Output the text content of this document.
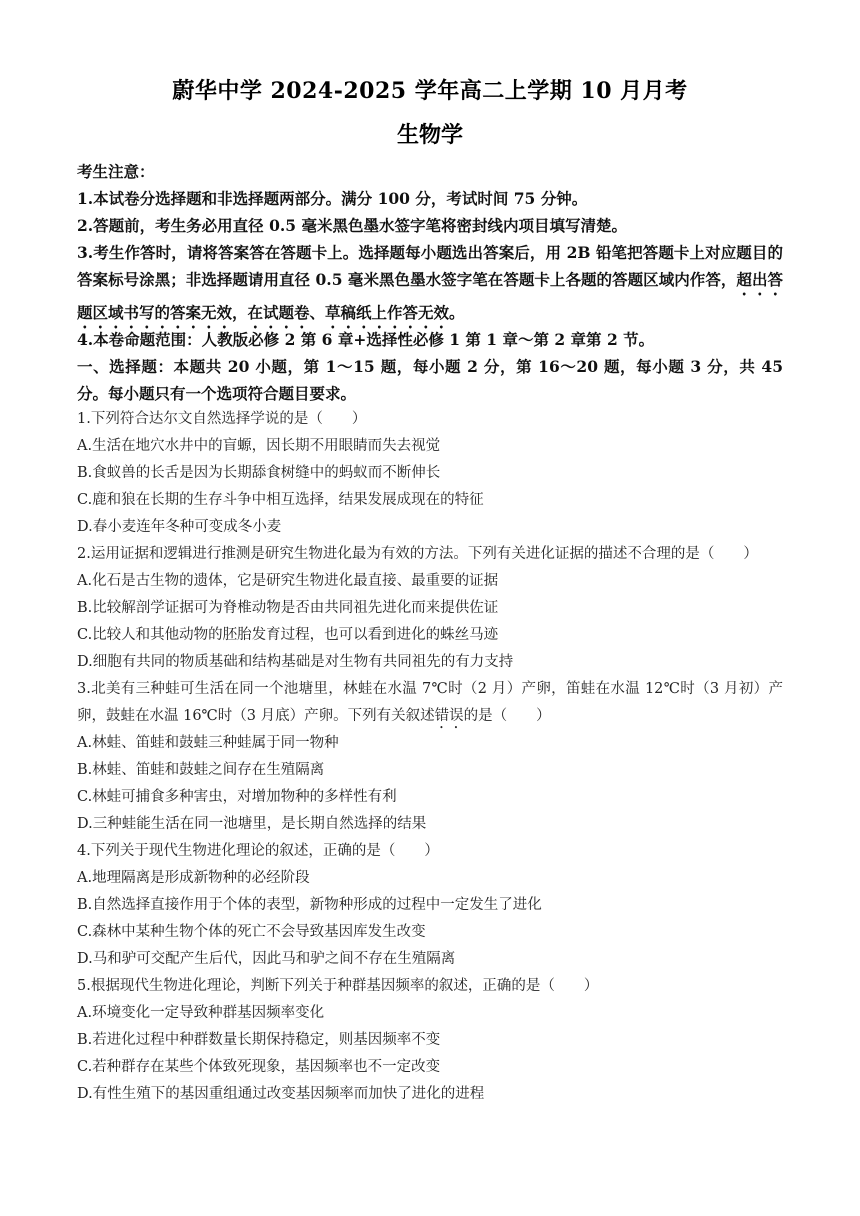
蔚华中学 2024-2025 学年高二上学期 10 月月考
生物学
考生注意：
1.本试卷分选择题和非选择题两部分。满分 100 分，考试时间 75 分钟。
2.答题前，考生务必用直径 0.5 毫米黑色墨水签字笔将密封线内项目填写清楚。
3.考生作答时，请将答案答在答题卡上。选择题每小题选出答案后，用 2B 铅笔把答题卡上对应题目的答案标号涂黑；非选择题请用直径 0.5 毫米黑色墨水签字笔在答题卡上各题的答题区域内作答，超出答题区域书写的答案无效，在试题卷、草稿纸上作答无效。
4.本卷命题范围：人教版必修 2 第 6 章+选择性必修 1 第 1 章～第 2 章第 2 节。
一、选择题：本题共 20 小题，第 1～15 题，每小题 2 分，第 16～20 题，每小题 3 分，共 45 分。每小题只有一个选项符合题目要求。
1.下列符合达尔文自然选择学说的是（　　）
A.生活在地穴水井中的盲螈，因长期不用眼睛而失去视觉
B.食蚁兽的长舌是因为长期舔食树缝中的蚂蚁而不断伸长
C.鹿和狼在长期的生存斗争中相互选择，结果发展成现在的特征
D.春小麦连年冬种可变成冬小麦
2.运用证据和逻辑进行推测是研究生物进化最为有效的方法。下列有关进化证据的描述不合理的是（　　）
A.化石是古生物的遗体，它是研究生物进化最直接、最重要的证据
B.比较解剖学证据可为脊椎动物是否由共同祖先进化而来提供佐证
C.比较人和其他动物的胚胎发育过程，也可以看到进化的蛛丝马迹
D.细胞有共同的物质基础和结构基础是对生物有共同祖先的有力支持
3.北美有三种蛙可生活在同一个池塘里，林蛙在水温 7℃时（2 月）产卵，笛蛙在水温 12℃时（3 月初）产卵，鼓蛙在水温 16℃时（3 月底）产卵。下列有关叙述错误的是（　　）
A.林蛙、笛蛙和鼓蛙三种蛙属于同一物种
B.林蛙、笛蛙和鼓蛙之间存在生殖隔离
C.林蛙可捕食多种害虫，对增加物种的多样性有利
D.三种蛙能生活在同一池塘里，是长期自然选择的结果
4.下列关于现代生物进化理论的叙述，正确的是（　　）
A.地理隔离是形成新物种的必经阶段
B.自然选择直接作用于个体的表型，新物种形成的过程中一定发生了进化
C.森林中某种生物个体的死亡不会导致基因库发生改变
D.马和驴可交配产生后代，因此马和驴之间不存在生殖隔离
5.根据现代生物进化理论，判断下列关于种群基因频率的叙述，正确的是（　　）
A.环境变化一定导致种群基因频率变化
B.若进化过程中种群数量长期保持稳定，则基因频率不变
C.若种群存在某些个体致死现象，基因频率也不一定改变
D.有性生殖下的基因重组通过改变基因频率而加快了进化的进程
